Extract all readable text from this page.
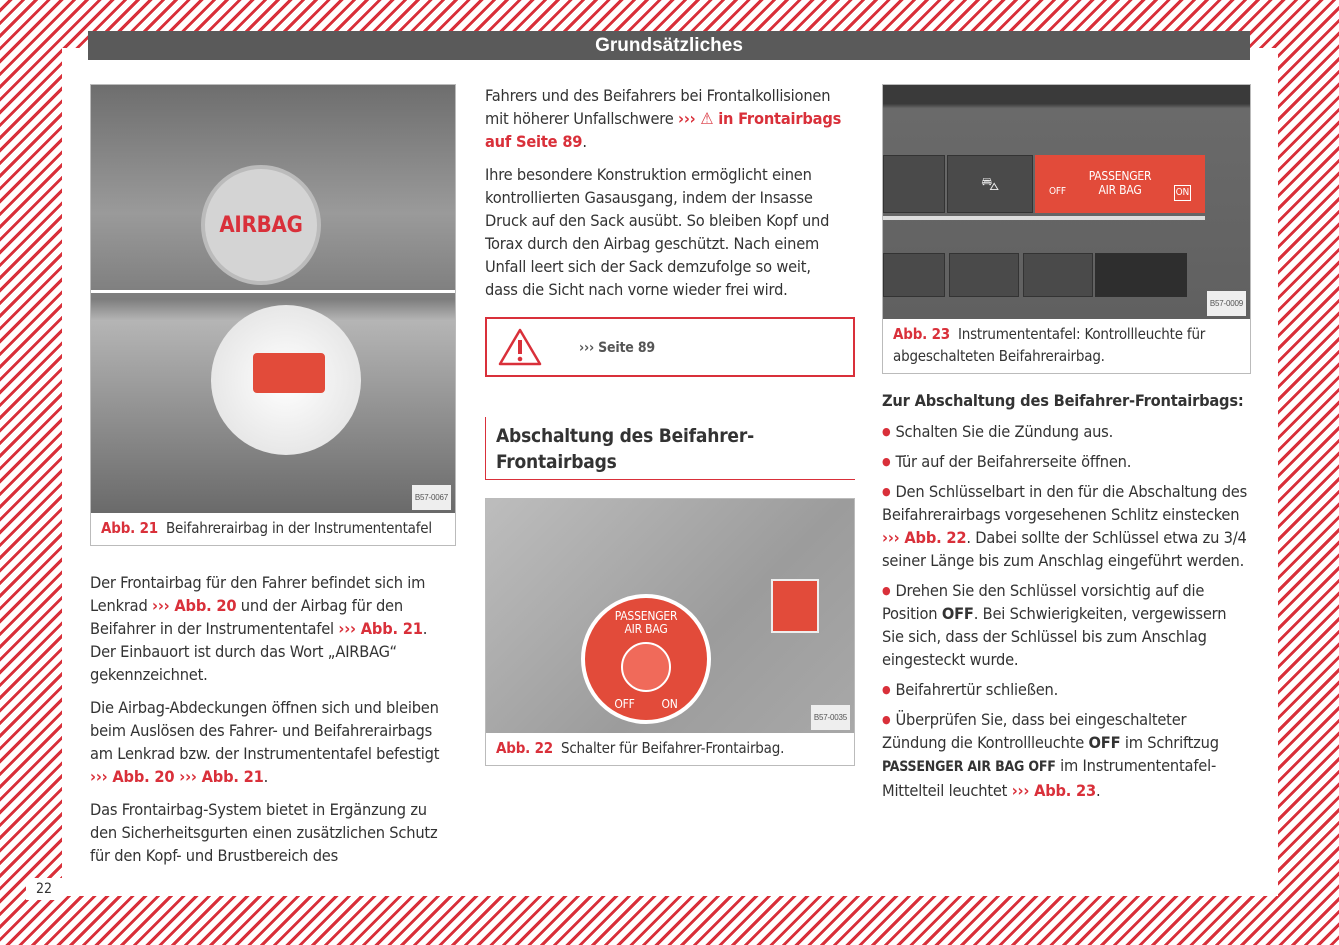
Grundsätzliches
AIRBAG
B57-0067
Abb. 21 Beifahrerairbag in der Instrumententafel

Der Frontairbag für den Fahrer befindet sich im Lenkrad ››› Abb. 20 und der Airbag für den Beifahrer in der Instrumententafel ››› Abb. 21. Der Einbauort ist durch das Wort „AIRBAG“ gekennzeichnet.

Die Airbag-Abdeckungen öffnen sich und bleiben beim Auslösen des Fahrer- und Beifahrerairbags am Lenkrad bzw. der Instrumententafel befestigt ››› Abb. 20 ››› Abb. 21.

Das Frontairbag-System bietet in Ergänzung zu den Sicherheitsgurten einen zusätzlichen Schutz für den Kopf- und Brustbereich des

Fahrers und des Beifahrers bei Frontalkollisionen mit höherer Unfallschwere ››› ⚠ in Frontairbags auf Seite 89.

Ihre besondere Konstruktion ermöglicht einen kontrollierten Gasausgang, indem der Insasse Druck auf den Sack ausübt. So bleiben Kopf und Torax durch den Airbag geschützt. Nach einem Unfall leert sich der Sack demzufolge so weit, dass die Sicht nach vorne wieder frei wird.

››› Seite 89
Abschaltung des Beifahrer-Frontairbags
PASSENGER AIR BAG
OFF ON
B57-0035
Abb. 22 Schalter für Beifahrer-Frontairbag.
⛍	OFF
PASSENGER AIR BAG	ON
B57-0009
Abb. 23 Instrumententafel: Kontrollleuchte für abgeschalteten Beifahrerairbag.
Zur Abschaltung des Beifahrer-Frontairbags:
● Schalten Sie die Zündung aus.
● Tür auf der Beifahrerseite öffnen.
● Den Schlüsselbart in den für die Abschaltung des Beifahrerairbags vorgesehenen Schlitz einstecken ››› Abb. 22. Dabei sollte der Schlüssel etwa zu 3/4 seiner Länge bis zum Anschlag eingeführt werden.
● Drehen Sie den Schlüssel vorsichtig auf die Position OFF. Bei Schwierigkeiten, vergewissern Sie sich, dass der Schlüssel bis zum Anschlag eingesteckt wurde.
● Beifahrertür schließen.
● Überprüfen Sie, dass bei eingeschalteter Zündung die Kontrollleuchte OFF im Schriftzug PASSENGER AIR BAG OFF im Instrumententafel-Mittelteil leuchtet ››› Abb. 23.
22
